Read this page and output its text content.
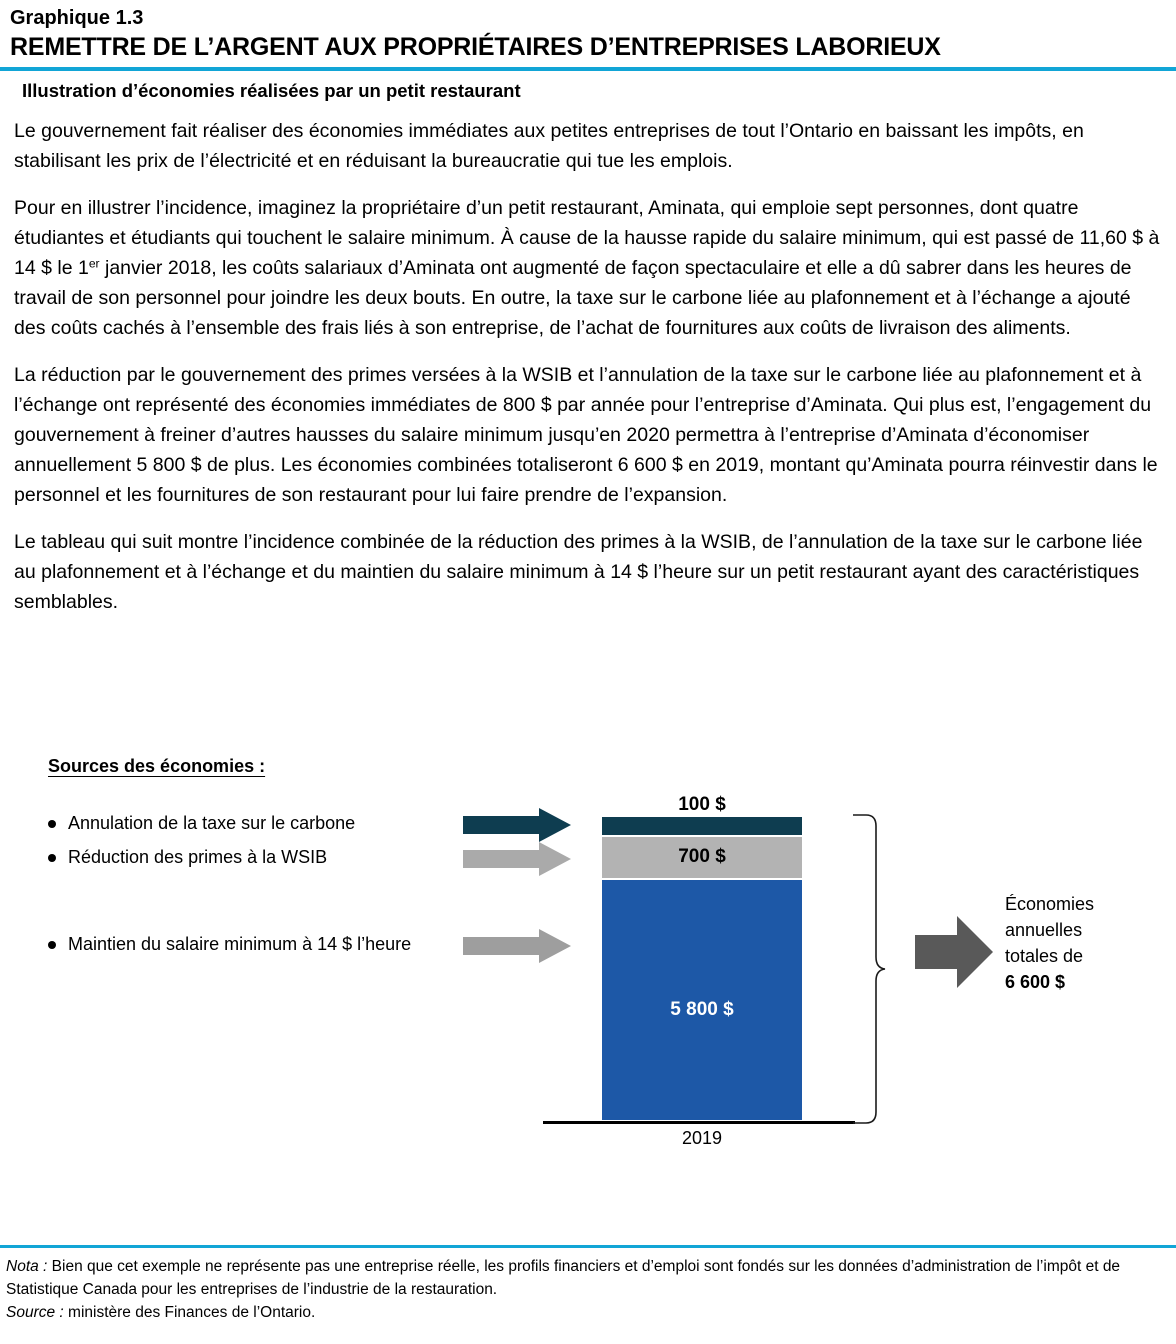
Graphique 1.3
REMETTRE DE L’ARGENT AUX PROPRIÉTAIRES D’ENTREPRISES LABORIEUX
Illustration d’économies réalisées par un petit restaurant

Le gouvernement fait réaliser des économies immédiates aux petites entreprises de tout l’Ontario en baissant les impôts, en stabilisant les prix de l’électricité et en réduisant la bureaucratie qui tue les emplois.

Pour en illustrer l’incidence, imaginez la propriétaire d’un petit restaurant, Aminata, qui emploie sept personnes, dont quatre étudiantes et étudiants qui touchent le salaire minimum. À cause de la hausse rapide du salaire minimum, qui est passé de 11,60 $ à 14 $ le 1er janvier 2018, les coûts salariaux d’Aminata ont augmenté de façon spectaculaire et elle a dû sabrer dans les heures de travail de son personnel pour joindre les deux bouts. En outre, la taxe sur le carbone liée au plafonnement et à l’échange a ajouté des coûts cachés à l’ensemble des frais liés à son entreprise, de l’achat de fournitures aux coûts de livraison des aliments.

La réduction par le gouvernement des primes versées à la WSIB et l’annulation de la taxe sur le carbone liée au plafonnement et à l’échange ont représenté des économies immédiates de 800 $ par année pour l’entreprise d’Aminata. Qui plus est, l’engagement du gouvernement à freiner d’autres hausses du salaire minimum jusqu’en 2020 permettra à l’entreprise d’Aminata d’économiser annuellement 5 800 $ de plus. Les économies combinées totaliseront 6 600 $ en 2019, montant qu’Aminata pourra réinvestir dans le personnel et les fournitures de son restaurant pour lui faire prendre de l’expansion.

Le tableau qui suit montre l’incidence combinée de la réduction des primes à la WSIB, de l’annulation de la taxe sur le carbone liée au plafonnement et à l’échange et du maintien du salaire minimum à 14 $ l’heure sur un petit restaurant ayant des caractéristiques semblables.

Sources des économies :
Annulation de la taxe sur le carbone
Réduction des primes à la WSIB
Maintien du salaire minimum à 14 $ l’heure
100 $
700 $
5 800 $
2019
Économies
annuelles
totales de
6 600 $
Nota : Bien que cet exemple ne représente pas une entreprise réelle, les profils financiers et d’emploi sont fondés sur les données d’administration de l’impôt et de Statistique Canada pour les entreprises de l’industrie de la restauration.
Source : ministère des Finances de l’Ontario.
